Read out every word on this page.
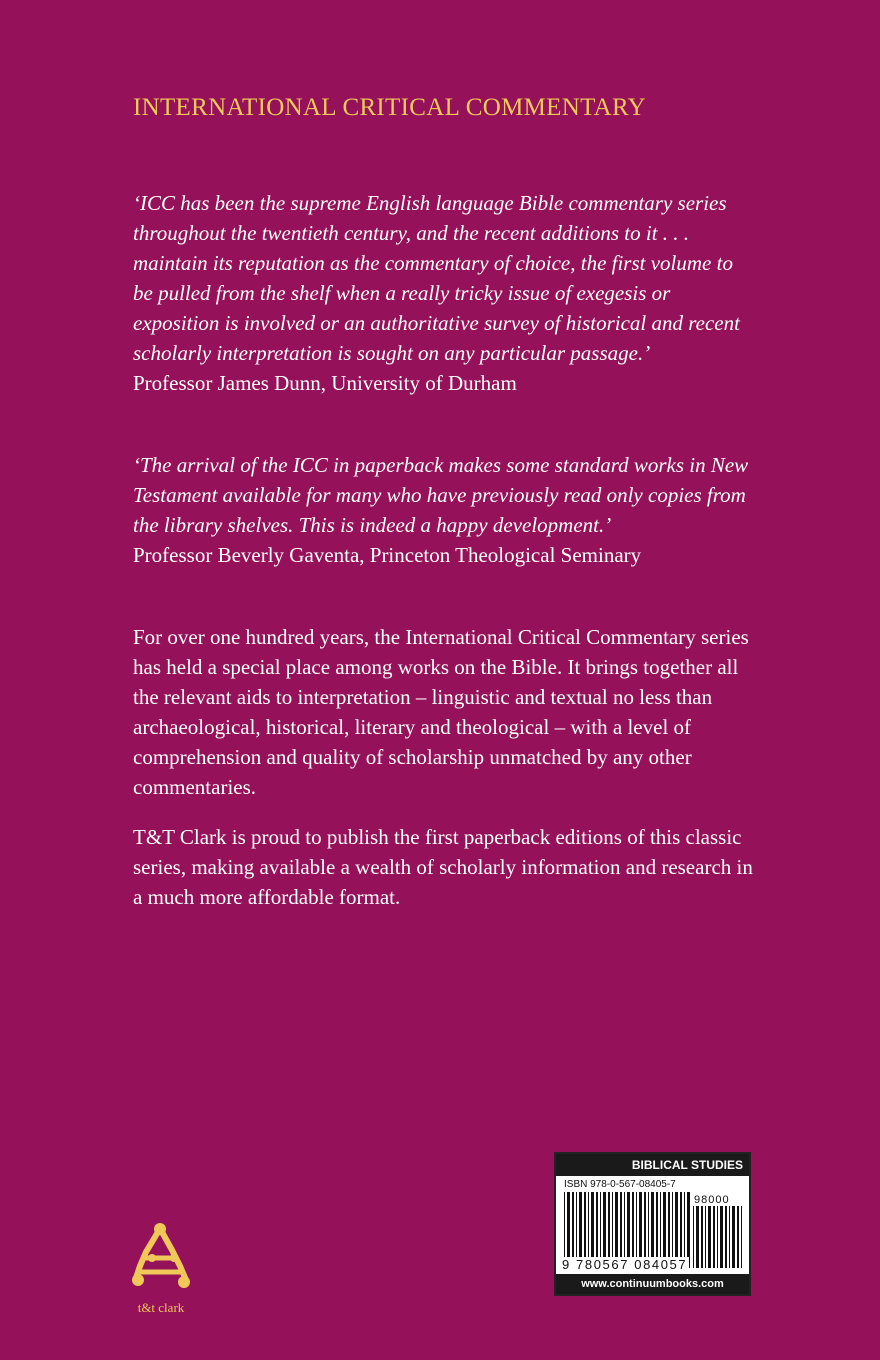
INTERNATIONAL CRITICAL COMMENTARY

‘ICC has been the supreme English language Bible commentary series throughout the twentieth century, and the recent additions to it . . . maintain its reputation as the commentary of choice, the first volume to be pulled from the shelf when a really tricky issue of exegesis or exposition is involved or an authoritative survey of historical and recent scholarly interpretation is sought on any particular passage.’

Professor James Dunn, University of Durham

‘The arrival of the ICC in paperback makes some standard works in New Testament available for many who have previously read only copies from the library shelves. This is indeed a happy development.’

Professor Beverly Gaventa, Princeton Theological Seminary

For over one hundred years, the International Critical Commentary series has held a special place among works on the Bible. It brings together all the relevant aids to interpretation – linguistic and textual no less than archaeological, historical, literary and theological – with a level of comprehension and quality of scholarship unmatched by any other commentaries.

T&T Clark is proud to publish the first paperback editions of this classic series, making available a wealth of scholarly information and research in a much more affordable format.

t&t clark
BIBLICAL STUDIES
ISBN 978-0-567-08405-7
98000
9 780567 084057
www.continuumbooks.com
